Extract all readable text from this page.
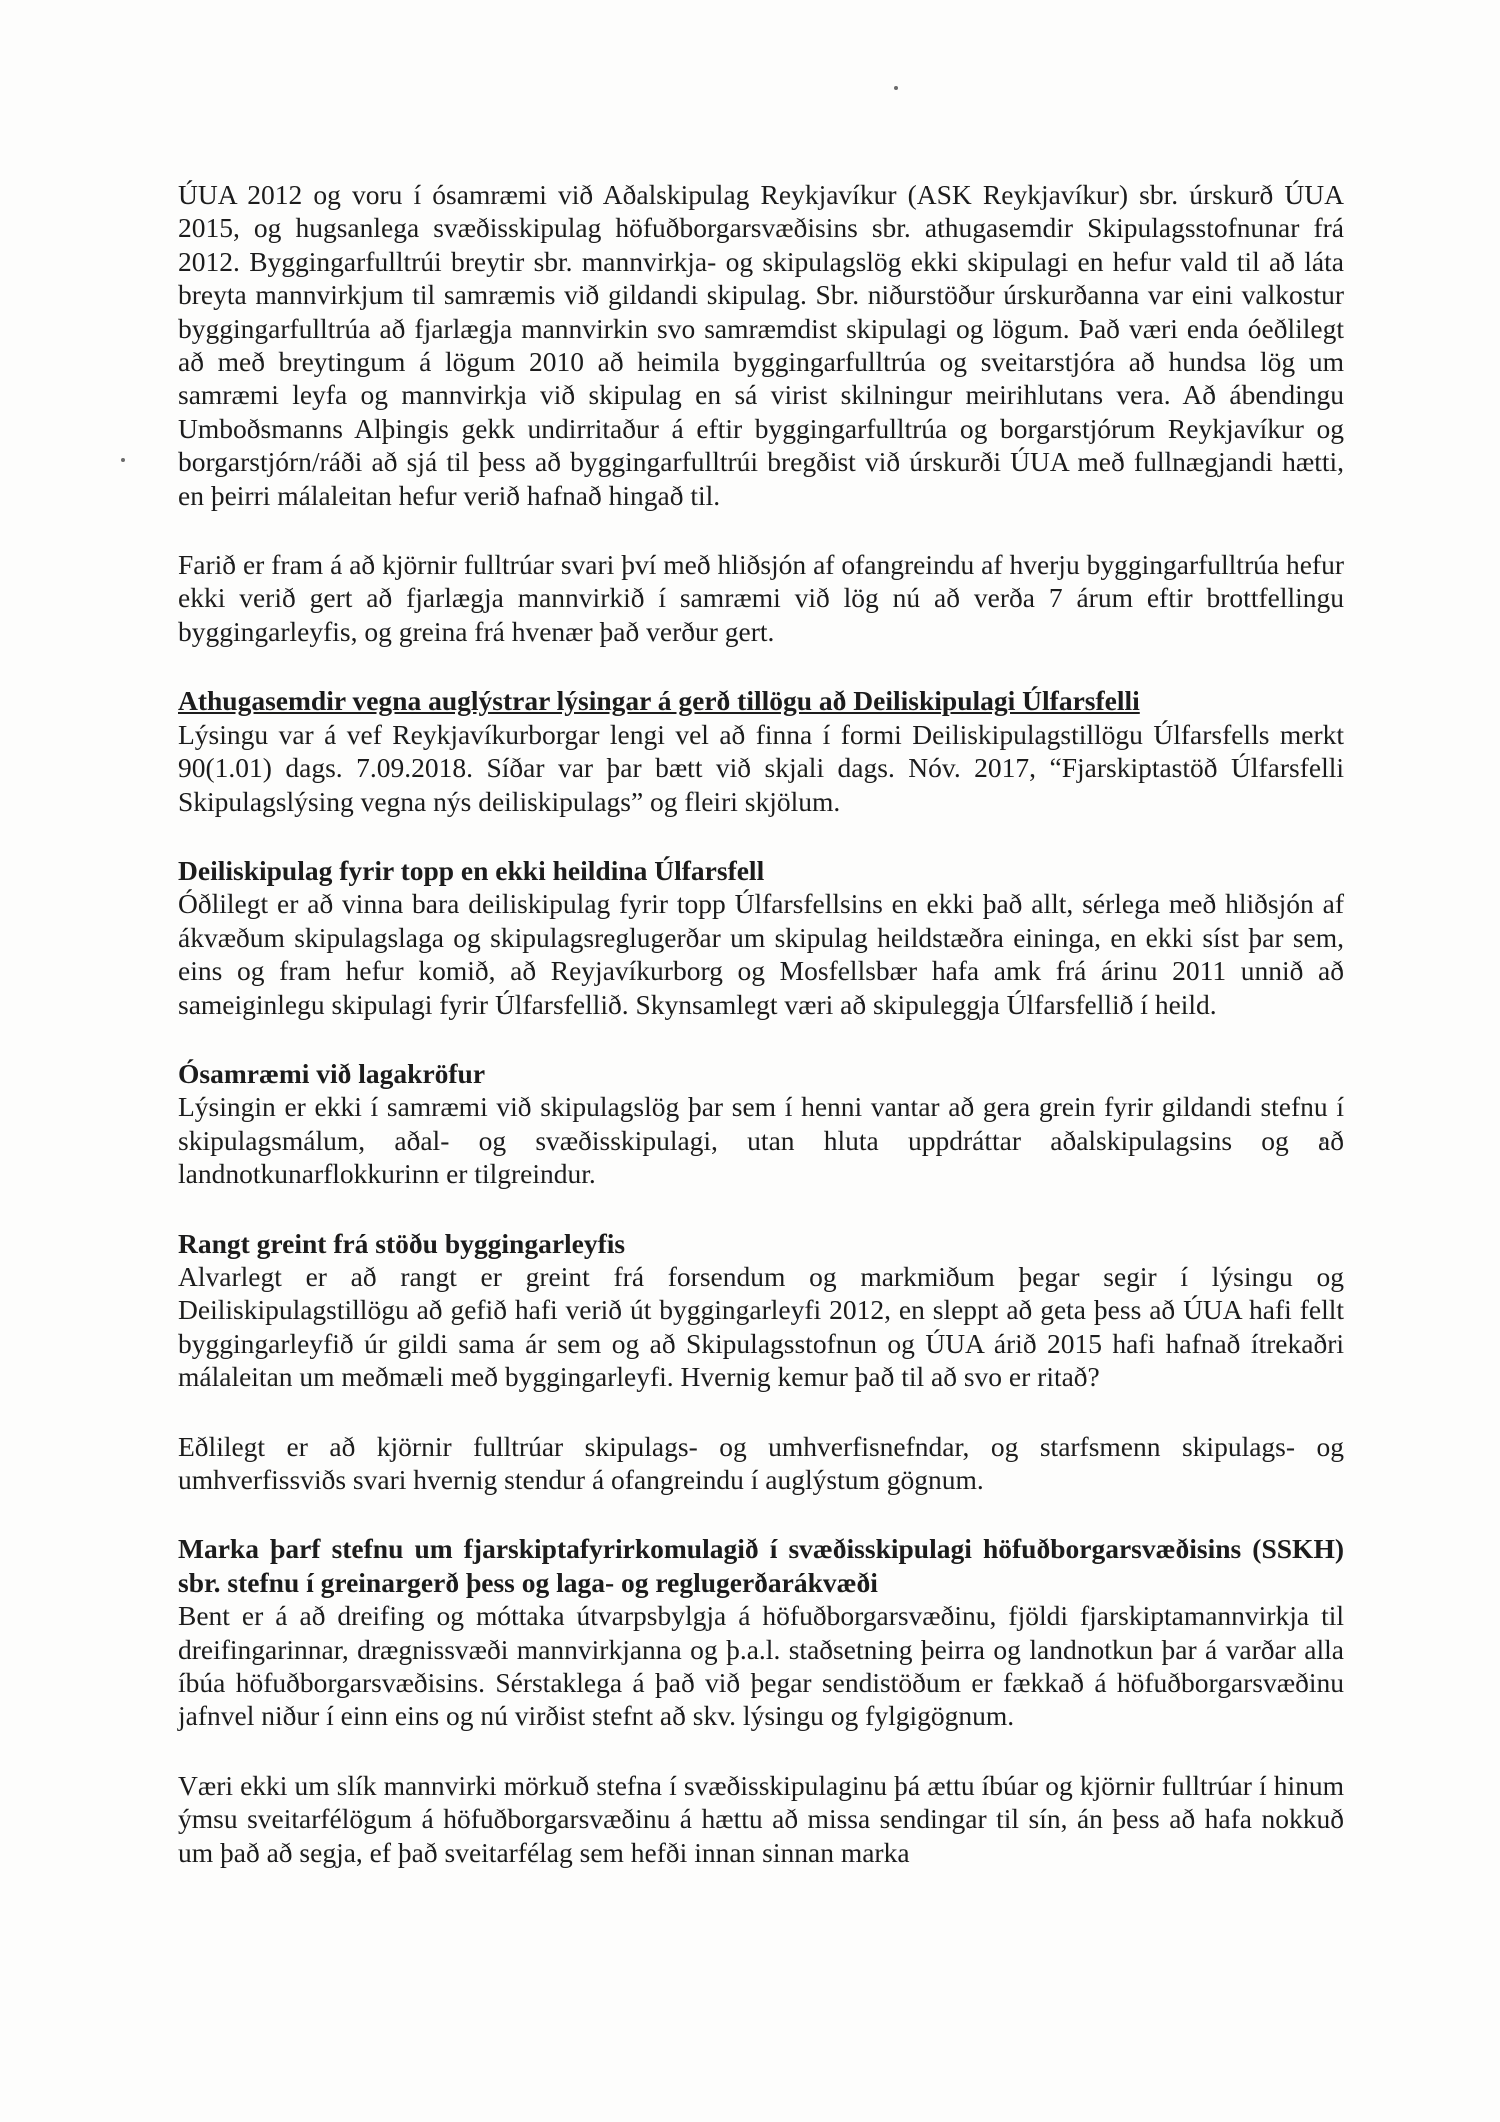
ÚUA 2012 og voru í ósamræmi við Aðalskipulag Reykjavíkur (ASK Reykjavíkur) sbr. úrskurð ÚUA 2015, og hugsanlega svæðisskipulag höfuðborgarsvæðisins sbr. athugasemdir Skipulagsstofnunar frá 2012. Byggingarfulltrúi breytir sbr. mannvirkja- og skipulagslög ekki skipulagi en hefur vald til að láta breyta mannvirkjum til samræmis við gildandi skipulag. Sbr. niðurstöður úrskurðanna var eini valkostur byggingarfulltrúa að fjarlægja mannvirkin svo samræmdist skipulagi og lögum. Það væri enda óeðlilegt að með breytingum á lögum 2010 að heimila byggingarfulltrúa og sveitarstjóra að hundsa lög um samræmi leyfa og mannvirkja við skipulag en sá virist skilningur meirihlutans vera. Að ábendingu Umboðsmanns Alþingis gekk undirritaður á eftir byggingarfulltrúa og borgarstjórum Reykjavíkur og borgarstjórn/ráði að sjá til þess að byggingarfulltrúi bregðist við úrskurði ÚUA með fullnægjandi hætti, en þeirri málaleitan hefur verið hafnað hingað til.

Farið er fram á að kjörnir fulltrúar svari því með hliðsjón af ofangreindu af hverju byggingarfulltrúa hefur ekki verið gert að fjarlægja mannvirkið í samræmi við lög nú að verða 7 árum eftir brottfellingu byggingarleyfis, og greina frá hvenær það verður gert.

Athugasemdir vegna auglýstrar lýsingar á gerð tillögu að Deiliskipulagi Úlfarsfelli

Lýsingu var á vef Reykjavíkurborgar lengi vel að finna í formi Deiliskipulagstillögu Úlfarsfells merkt 90(1.01) dags. 7.09.2018. Síðar var þar bætt við skjali dags. Nóv. 2017, “Fjarskiptastöð Úlfarsfelli Skipulagslýsing vegna nýs deiliskipulags” og fleiri skjölum.

Deiliskipulag fyrir topp en ekki heildina Úlfarsfell

Óðlilegt er að vinna bara deiliskipulag fyrir topp Úlfarsfellsins en ekki það allt, sérlega með hliðsjón af ákvæðum skipulagslaga og skipulagsreglugerðar um skipulag heildstæðra eininga, en ekki síst þar sem, eins og fram hefur komið, að Reyjavíkurborg og Mosfellsbær hafa amk frá árinu 2011 unnið að sameiginlegu skipulagi fyrir Úlfarsfellið. Skynsamlegt væri að skipuleggja Úlfarsfellið í heild.

Ósamræmi við lagakröfur

Lýsingin er ekki í samræmi við skipulagslög þar sem í henni vantar að gera grein fyrir gildandi stefnu í skipulagsmálum, aðal- og svæðisskipulagi, utan hluta uppdráttar aðalskipulagsins og að landnotkunarflokkurinn er tilgreindur.

Rangt greint frá stöðu byggingarleyfis

Alvarlegt er að rangt er greint frá forsendum og markmiðum þegar segir í lýsingu og Deiliskipulagstillögu að gefið hafi verið út byggingarleyfi 2012, en sleppt að geta þess að ÚUA hafi fellt byggingarleyfið úr gildi sama ár sem og að Skipulagsstofnun og ÚUA árið 2015 hafi hafnað ítrekaðri málaleitan um meðmæli með byggingarleyfi. Hvernig kemur það til að svo er ritað?

Eðlilegt er að kjörnir fulltrúar skipulags- og umhverfisnefndar, og starfsmenn skipulags- og umhverfissviðs svari hvernig stendur á ofangreindu í auglýstum gögnum.

Marka þarf stefnu um fjarskiptafyrirkomulagið í svæðisskipulagi höfuðborgarsvæðisins (SSKH) sbr. stefnu í greinargerð þess og laga- og reglugerðarákvæði

Bent er á að dreifing og móttaka útvarpsbylgja á höfuðborgarsvæðinu, fjöldi fjarskiptamannvirkja til dreifingarinnar, drægnissvæði mannvirkjanna og þ.a.l. staðsetning þeirra og landnotkun þar á varðar alla íbúa höfuðborgarsvæðisins. Sérstaklega á það við þegar sendistöðum er fækkað á höfuðborgarsvæðinu jafnvel niður í einn eins og nú virðist stefnt að skv. lýsingu og fylgigögnum.

Væri ekki um slík mannvirki mörkuð stefna í svæðisskipulaginu þá ættu íbúar og kjörnir fulltrúar í hinum ýmsu sveitarfélögum á höfuðborgarsvæðinu á hættu að missa sendingar til sín, án þess að hafa nokkuð um það að segja, ef það sveitarfélag sem hefði innan sinnan marka
